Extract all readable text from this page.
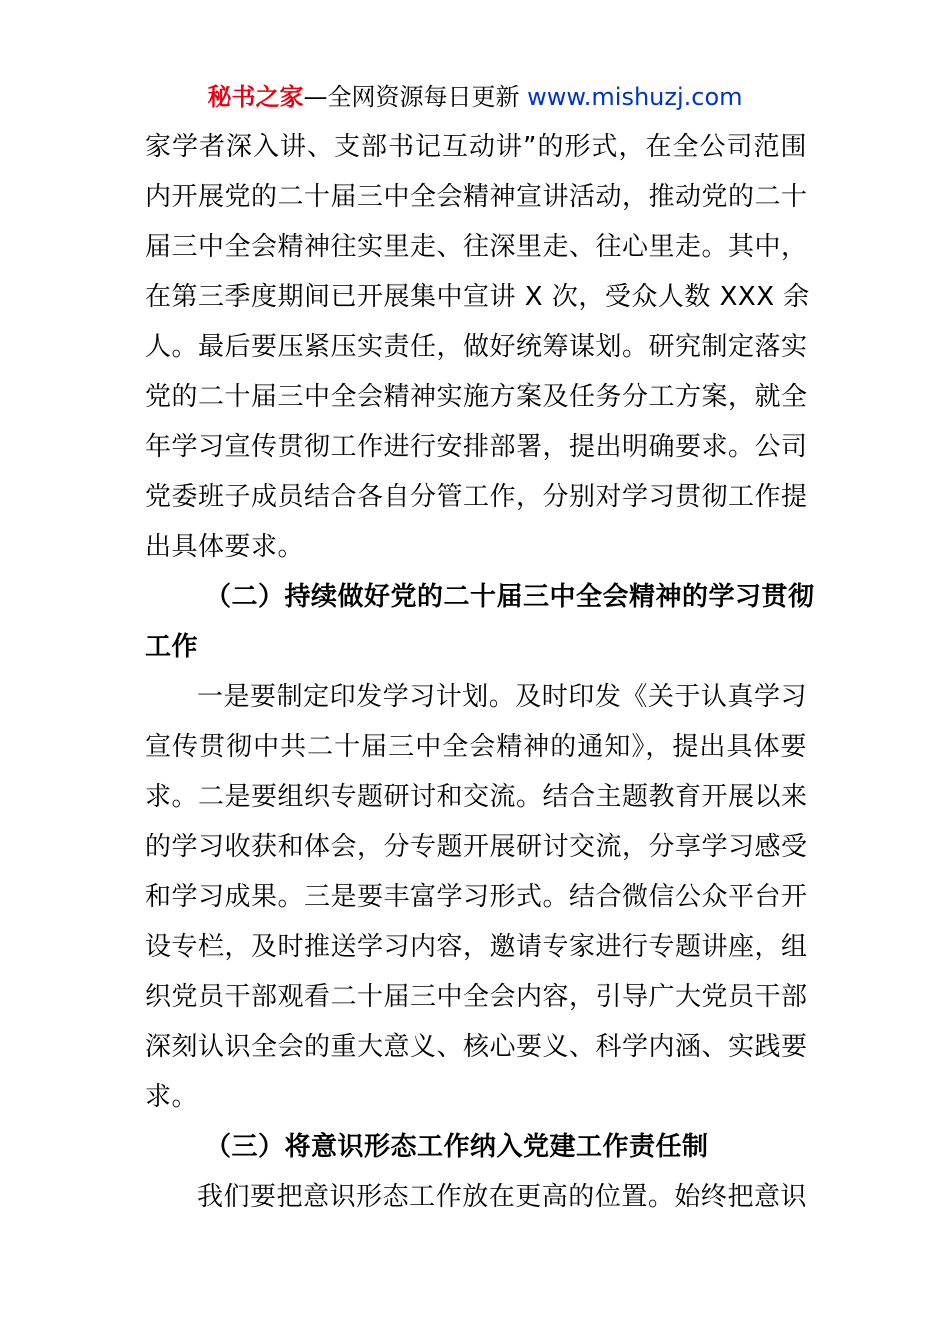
秘书之家—全网资源每日更新 www.mishuzj.com
家学者深入讲、支部书记互动讲”的形式，在全公司范围
内开展党的二十届三中全会精神宣讲活动，推动党的二十
届三中全会精神往实里走、往深里走、往心里走。其中，
在第三季度期间已开展集中宣讲 X 次，受众人数 XXX 余
人。最后要压紧压实责任，做好统筹谋划。研究制定落实
党的二十届三中全会精神实施方案及任务分工方案，就全
年学习宣传贯彻工作进行安排部署，提出明确要求。公司
党委班子成员结合各自分管工作，分别对学习贯彻工作提
出具体要求。
（二）持续做好党的二十届三中全会精神的学习贯彻
工作
一是要制定印发学习计划。及时印发《关于认真学习
宣传贯彻中共二十届三中全会精神的通知》，提出具体要
求。二是要组织专题研讨和交流。结合主题教育开展以来
的学习收获和体会，分专题开展研讨交流，分享学习感受
和学习成果。三是要丰富学习形式。结合微信公众平台开
设专栏，及时推送学习内容，邀请专家进行专题讲座，组
织党员干部观看二十届三中全会内容，引导广大党员干部
深刻认识全会的重大意义、核心要义、科学内涵、实践要
求。
（三）将意识形态工作纳入党建工作责任制
我们要把意识形态工作放在更高的位置。始终把意识
